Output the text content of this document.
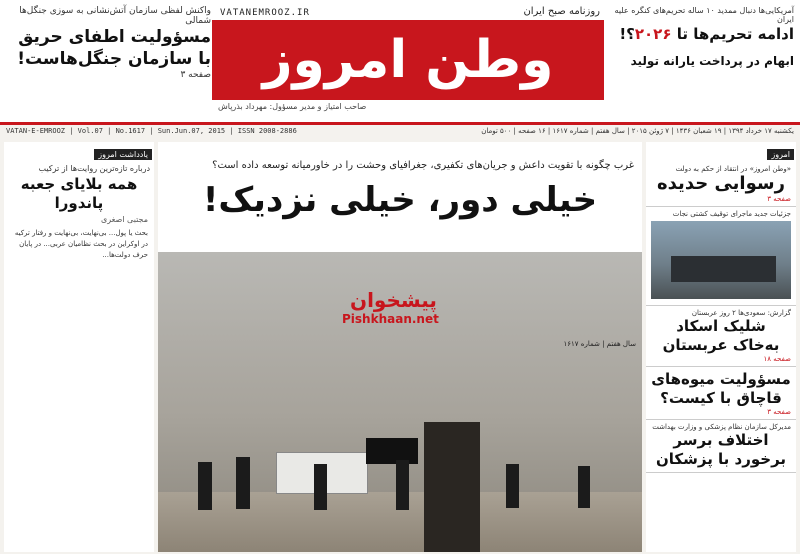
واکنش لفظی سازمان آتش‌نشانی به سوزی جنگل‌ها شمالی
مسؤولیت اطفای حریق با سازمان جنگل‌هاست!
صفحه ۳
VATANEMROOZ.IR	روزنامه صبح ایران
وطن امروز
صاحب امتیاز و مدیر مسؤول: مهرداد بذرپاش
آمریکایی‌ها دنبال ممدید ۱۰ ساله تحریم‌های کنگره علیه ایران
ادامه تحریم‌ها تا ۲۰۲۶؟!
ابهام در پرداخت یارانه تولید
VATAN-E-EMROOZ | Vol.07 | No.1617 | Sun.Jun.07, 2015 | ISSN 2008-2886	یکشنبه ۱۷ خرداد ۱۳۹۴ | ۱۹ شعبان ۱۴۳۶ | ۷ ژوئن ۲۰۱۵ | سال هفتم | شماره ۱۶۱۷ | ۱۶ صفحه | ۵۰۰ تومان
یادداشت امروز
درباره تازه‌ترین روایت‌ها از ترکیب
همه بلایای جعبه پاندورا
مجتبی اصغری
بحث یا پول... بی‌نهایت، بی‌نهایت و رفتار ترکیه در اوکراین در بحث نظامیان عربی... در پایان حرف دولت‌ها...
غرب چگونه با تقویت داعش و جریان‌های تکفیری، جغرافیای وحشت را در خاورمیانه توسعه داده است؟
خیلی دور، خیلی نزدیک!
سال هفتم | شماره ۱۶۱۷
پیشخوان
Pishkhaan.net
امروز
«وطن امروز» در انتقاد از حکم به دولت
رسوایی حدیده
صفحه ۳
جزئیات جدید ماجرای توقیف کشتی نجات
گزارش: سعودی‌ها ۲ روز عربستان
شلیک اسکاد به‌خاک عربستان
صفحه ۱۸
مسؤولیت میوه‌های قاچاق با کیست؟
صفحه ۳
مدیرکل سازمان نظام پزشکی و وزارت بهداشت
اختلاف برسر برخورد با پزشکان
